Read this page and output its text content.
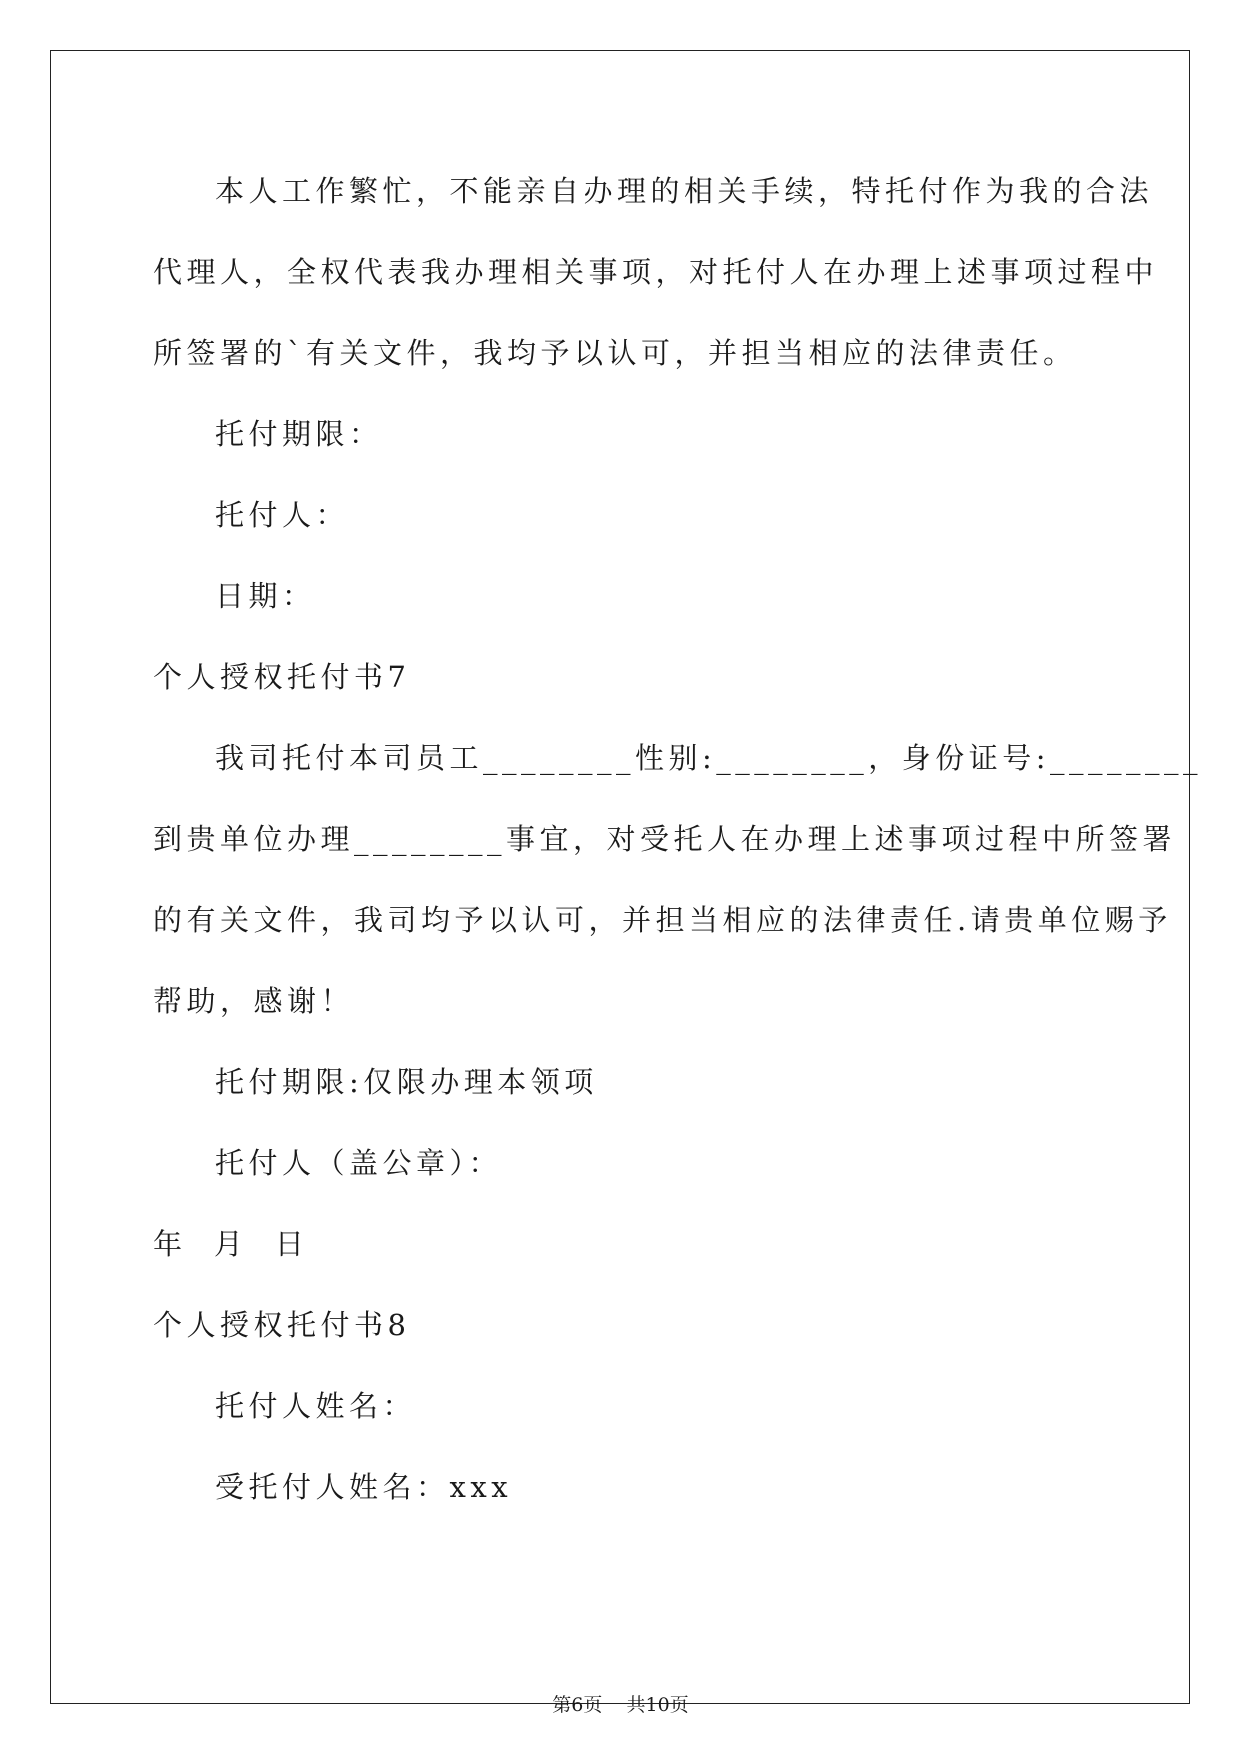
本人工作繁忙，不能亲自办理的相关手续，特托付作为我的合法
代理人，全权代表我办理相关事项，对托付人在办理上述事项过程中
所签署的`有关文件，我均予以认可，并担当相应的法律责任。
托付期限：
托付人：
日期：
个人授权托付书7
我司托付本司员工________性别:________，身份证号:________
到贵单位办理________事宜，对受托人在办理上述事项过程中所签署
的有关文件，我司均予以认可，并担当相应的法律责任.请贵单位赐予
帮助，感谢！
托付期限:仅限办理本领项
托付人（盖公章）：
年  月  日
个人授权托付书8
托付人姓名：
受托付人姓名：xxx
第6页 共10页
